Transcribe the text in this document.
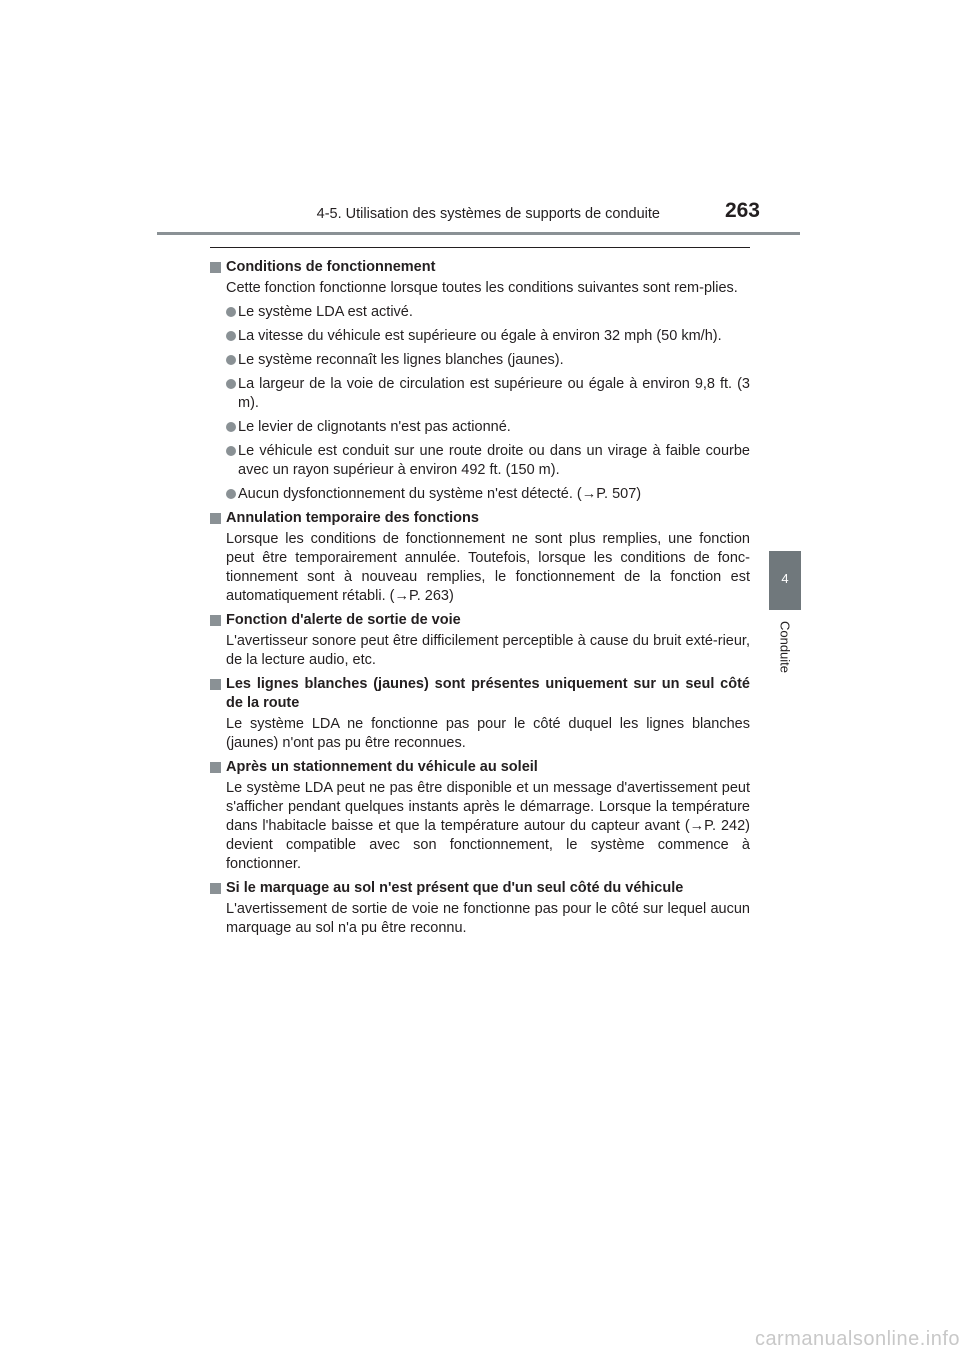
4-5. Utilisation des systèmes de supports de conduite	263
4
Conduite
Conditions de fonctionnement
Cette fonction fonctionne lorsque toutes les conditions suivantes sont rem-plies.
Le système LDA est activé.
La vitesse du véhicule est supérieure ou égale à environ 32 mph (50 km/h).
Le système reconnaît les lignes blanches (jaunes).
La largeur de la voie de circulation est supérieure ou égale à environ 9,8 ft. (3 m).
Le levier de clignotants n'est pas actionné.
Le véhicule est conduit sur une route droite ou dans un virage à faible courbe avec un rayon supérieur à environ 492 ft. (150 m).
Aucun dysfonctionnement du système n'est détecté. (→P. 507)
Annulation temporaire des fonctions
Lorsque les conditions de fonctionnement ne sont plus remplies, une fonction peut être temporairement annulée. Toutefois, lorsque les conditions de fonc-tionnement sont à nouveau remplies, le fonctionnement de la fonction est automatiquement rétabli. (→P. 263)
Fonction d'alerte de sortie de voie
L'avertisseur sonore peut être difficilement perceptible à cause du bruit exté-rieur, de la lecture audio, etc.
Les lignes blanches (jaunes) sont présentes uniquement sur un seul côté de la route
Le système LDA ne fonctionne pas pour le côté duquel les lignes blanches (jaunes) n'ont pas pu être reconnues.
Après un stationnement du véhicule au soleil
Le système LDA peut ne pas être disponible et un message d'avertissement peut s'afficher pendant quelques instants après le démarrage. Lorsque la température dans l'habitacle baisse et que la température autour du capteur avant (→P. 242) devient compatible avec son fonctionnement, le système commence à fonctionner.
Si le marquage au sol n'est présent que d'un seul côté du véhicule
L'avertissement de sortie de voie ne fonctionne pas pour le côté sur lequel aucun marquage au sol n'a pu être reconnu.
carmanualsonline.info
